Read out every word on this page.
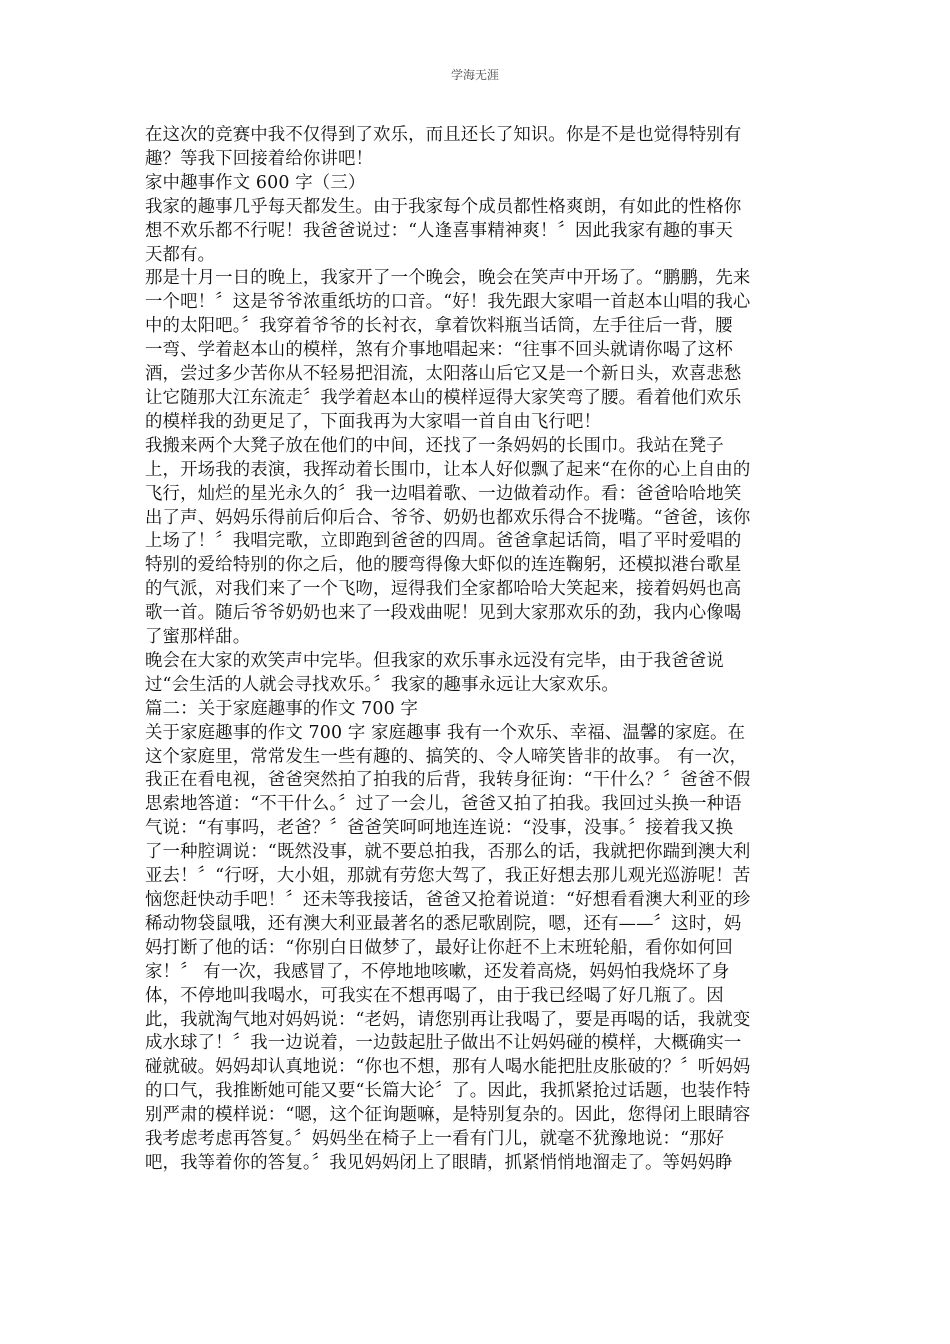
学海无涯
在这次的竞赛中我不仅得到了欢乐，而且还长了知识。你是不是也觉得特别有
趣？等我下回接着给你讲吧！
家中趣事作文 600 字（三）
我家的趣事几乎每天都发生。由于我家每个成员都性格爽朗，有如此的性格你
想不欢乐都不行呢！我爸爸说过：“人逢喜事精神爽！〞因此我家有趣的事天
天都有。
那是十月一日的晚上，我家开了一个晚会，晚会在笑声中开场了。“鹏鹏，先来
一个吧！〞这是爷爷浓重纸坊的口音。“好！我先跟大家唱一首赵本山唱的我心
中的太阳吧。〞我穿着爷爷的长衬衣，拿着饮料瓶当话筒，左手往后一背，腰
一弯、学着赵本山的模样，煞有介事地唱起来：“往事不回头就请你喝了这杯
酒，尝过多少苦你从不轻易把泪流，太阳落山后它又是一个新日头，欢喜悲愁
让它随那大江东流走〞我学着赵本山的模样逗得大家笑弯了腰。看着他们欢乐
的模样我的劲更足了，下面我再为大家唱一首自由飞行吧！
我搬来两个大凳子放在他们的中间，还找了一条妈妈的长围巾。我站在凳子
上，开场我的表演，我挥动着长围巾，让本人好似飘了起来“在你的心上自由的
飞行，灿烂的星光永久的〞我一边唱着歌、一边做着动作。看：爸爸哈哈地笑
出了声、妈妈乐得前后仰后合、爷爷、奶奶也都欢乐得合不拢嘴。“爸爸，该你
上场了！〞我唱完歌，立即跑到爸爸的四周。爸爸拿起话筒，唱了平时爱唱的
特别的爱给特别的你之后，他的腰弯得像大虾似的连连鞠躬，还模拟港台歌星
的气派，对我们来了一个飞吻，逗得我们全家都哈哈大笑起来，接着妈妈也高
歌一首。随后爷爷奶奶也来了一段戏曲呢！见到大家那欢乐的劲，我内心像喝
了蜜那样甜。
晚会在大家的欢笑声中完毕。但我家的欢乐事永远没有完毕，由于我爸爸说
过“会生活的人就会寻找欢乐。〞我家的趣事永远让大家欢乐。
篇二：关于家庭趣事的作文 700 字
关于家庭趣事的作文 700 字 家庭趣事 我有一个欢乐、幸福、温馨的家庭。在
这个家庭里，常常发生一些有趣的、搞笑的、令人啼笑皆非的故事。 有一次，
我正在看电视，爸爸突然拍了拍我的后背，我转身征询：“干什么？〞爸爸不假
思索地答道：“不干什么。〞过了一会儿，爸爸又拍了拍我。我回过头换一种语
气说：“有事吗，老爸？〞爸爸笑呵呵地连连说：“没事，没事。〞接着我又换
了一种腔调说：“既然没事，就不要总拍我，否那么的话，我就把你踹到澳大利
亚去！〞“行呀，大小姐，那就有劳您大驾了，我正好想去那儿观光巡游呢！苦
恼您赶快动手吧！〞还未等我接话，爸爸又抢着说道：“好想看看澳大利亚的珍
稀动物袋鼠哦，还有澳大利亚最著名的悉尼歌剧院，嗯，还有——〞这时，妈
妈打断了他的话：“你别白日做梦了，最好让你赶不上末班轮船，看你如何回
家！〞 有一次，我感冒了，不停地地咳嗽，还发着高烧，妈妈怕我烧坏了身
体，不停地叫我喝水，可我实在不想再喝了，由于我已经喝了好几瓶了。因
此，我就淘气地对妈妈说：“老妈，请您别再让我喝了，要是再喝的话，我就变
成水球了！〞我一边说着，一边鼓起肚子做出不让妈妈碰的模样，大概确实一
碰就破。妈妈却认真地说：“你也不想，那有人喝水能把肚皮胀破的？〞听妈妈
的口气，我推断她可能又要“长篇大论〞了。因此，我抓紧抢过话题，也装作特
别严肃的模样说：“嗯，这个征询题嘛，是特别复杂的。因此，您得闭上眼睛容
我考虑考虑再答复。〞妈妈坐在椅子上一看有门儿，就毫不犹豫地说：“那好
吧，我等着你的答复。〞我见妈妈闭上了眼睛，抓紧悄悄地溜走了。等妈妈睁
